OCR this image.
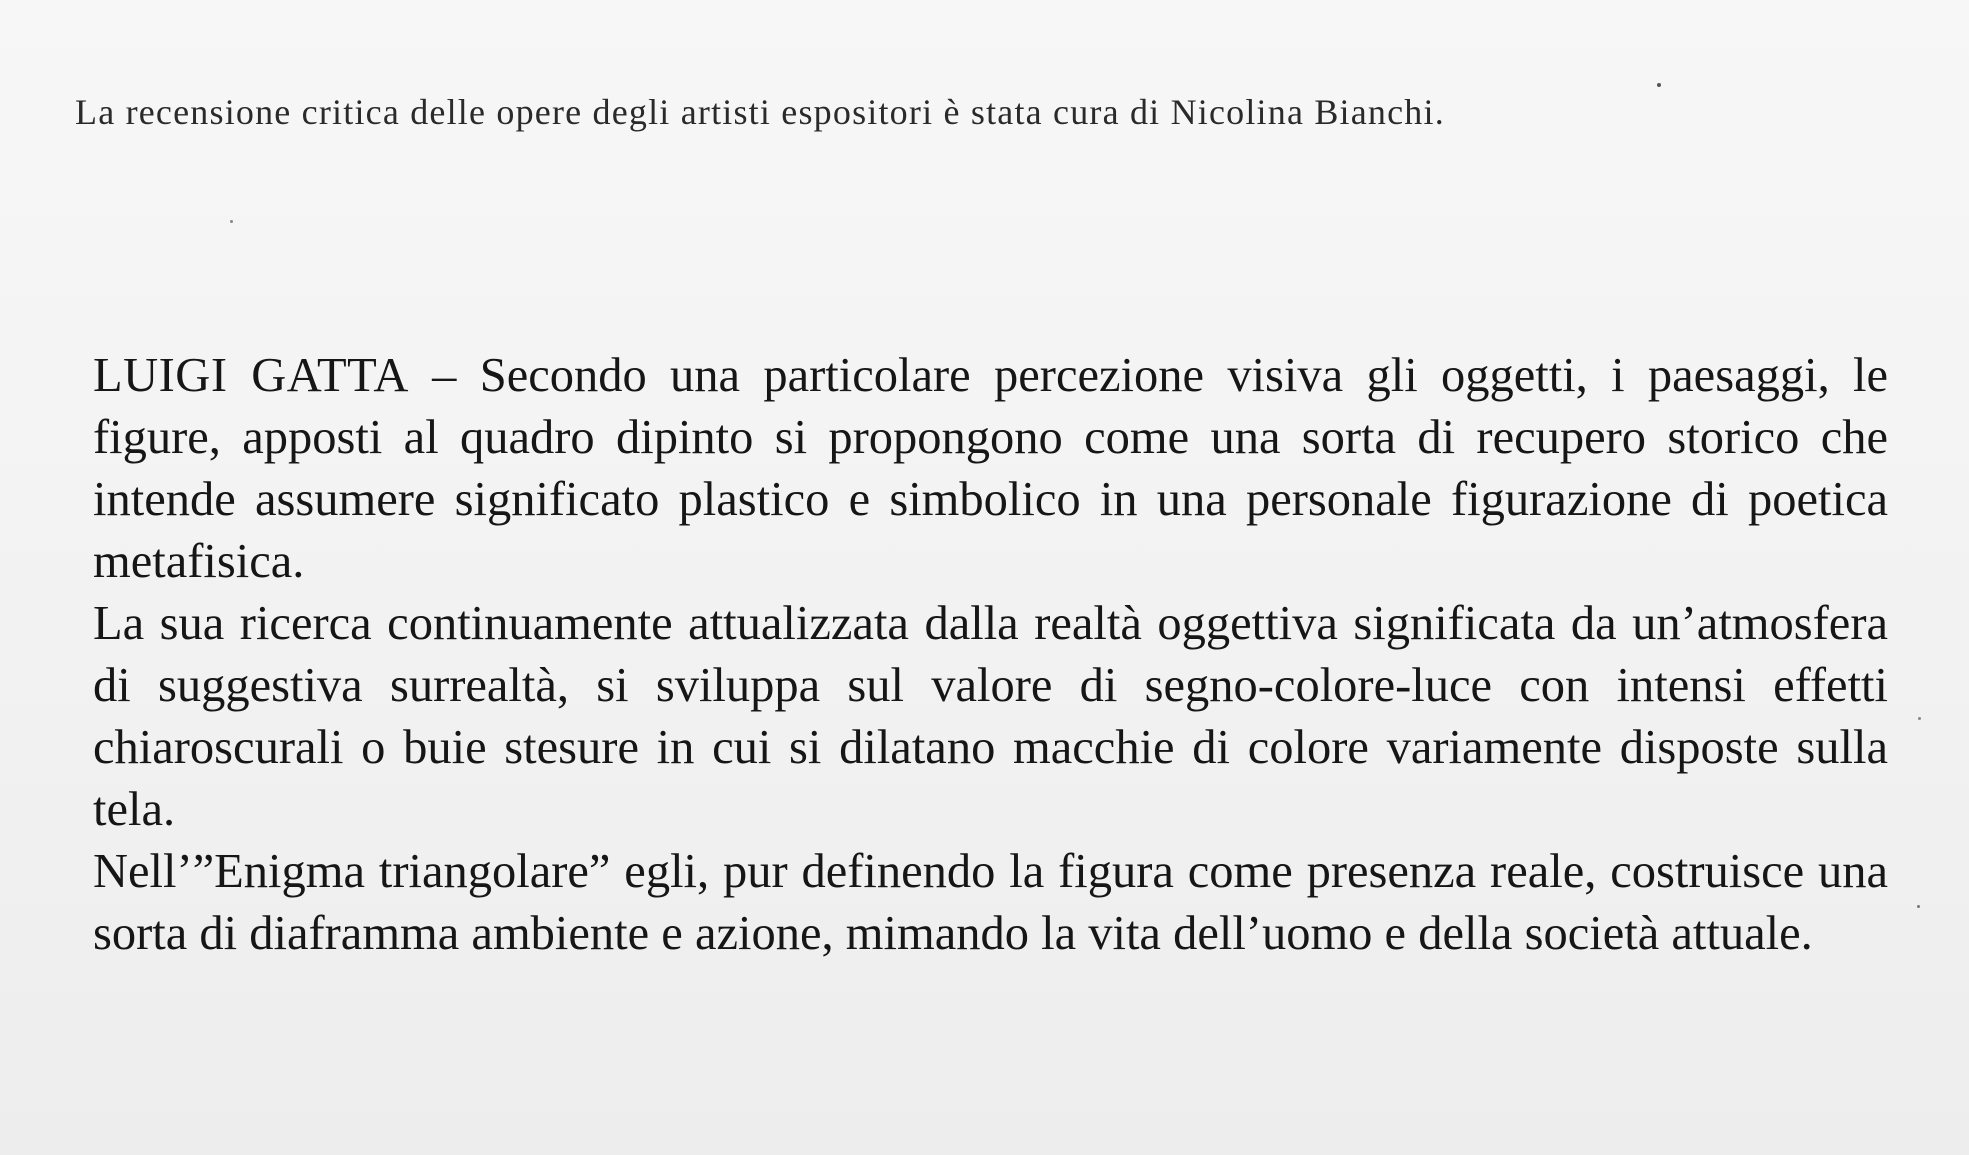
La recensione critica delle opere degli artisti espositori è stata cura di Nicolina Bianchi.

LUIGI GATTA – Secondo una particolare percezione visiva gli oggetti, i paesaggi, le figure, apposti al quadro dipinto si propongono come una sorta di recupero storico che intende assumere significato plastico e simbolico in una personale figurazione di poetica metafisica.

La sua ricerca continuamente attualizzata dalla realtà oggettiva significata da un’atmosfera di suggestiva surrealtà, si sviluppa sul valore di segno-colore-luce con intensi effetti chiaroscurali o buie stesure in cui si dilatano macchie di colore variamente disposte sulla tela.

Nell’”Enigma triangolare” egli, pur definendo la figura come presenza reale, costruisce una sorta di diaframma ambiente e azione, mimando la vita dell’uomo e della società attuale.
